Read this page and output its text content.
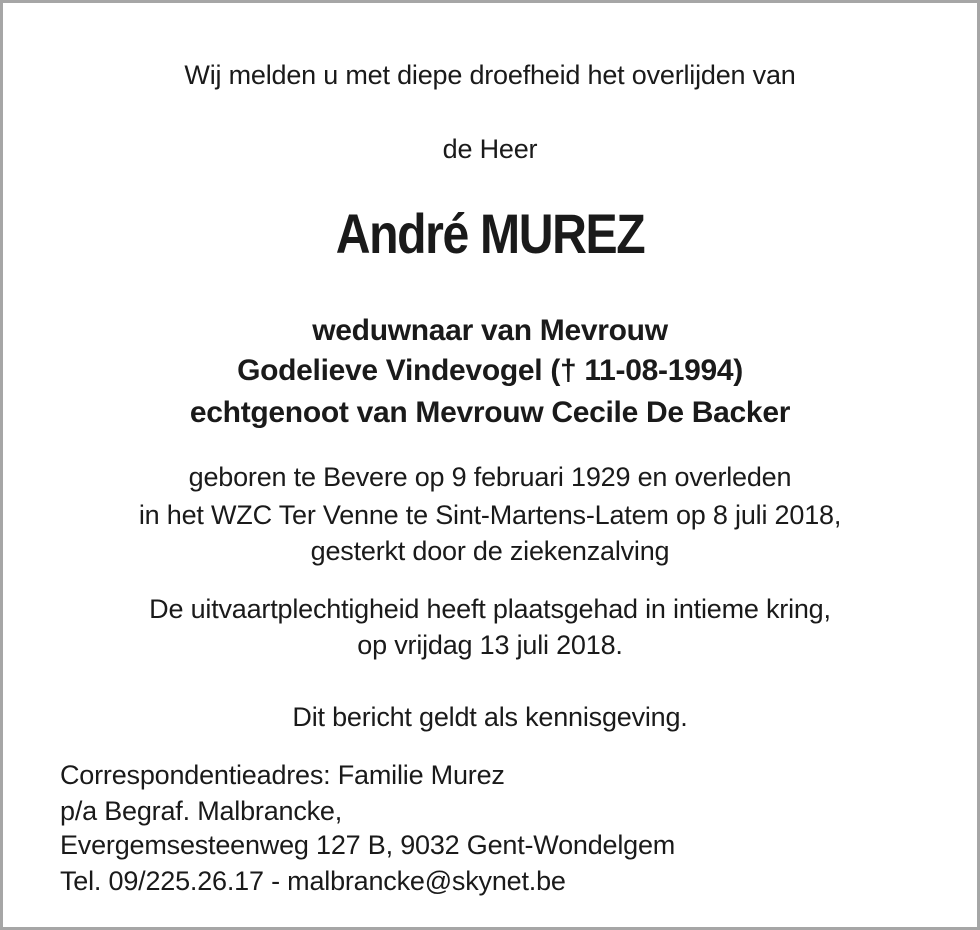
Wij melden u met diepe droefheid het overlijden van
de Heer
André MUREZ
weduwnaar van Mevrouw
Godelieve Vindevogel († 11-08-1994)
echtgenoot van Mevrouw Cecile De Backer
geboren te Bevere op 9 februari 1929 en overleden
in het WZC Ter Venne te Sint-Martens-Latem op 8 juli 2018,
gesterkt door de ziekenzalving
De uitvaartplechtigheid heeft plaatsgehad in intieme kring,
op vrijdag 13 juli 2018.
Dit bericht geldt als kennisgeving.
Correspondentieadres: Familie Murez
p/a Begraf. Malbrancke,
Evergemsesteenweg 127 B, 9032 Gent-Wondelgem
Tel. 09/225.26.17 - malbrancke@skynet.be
